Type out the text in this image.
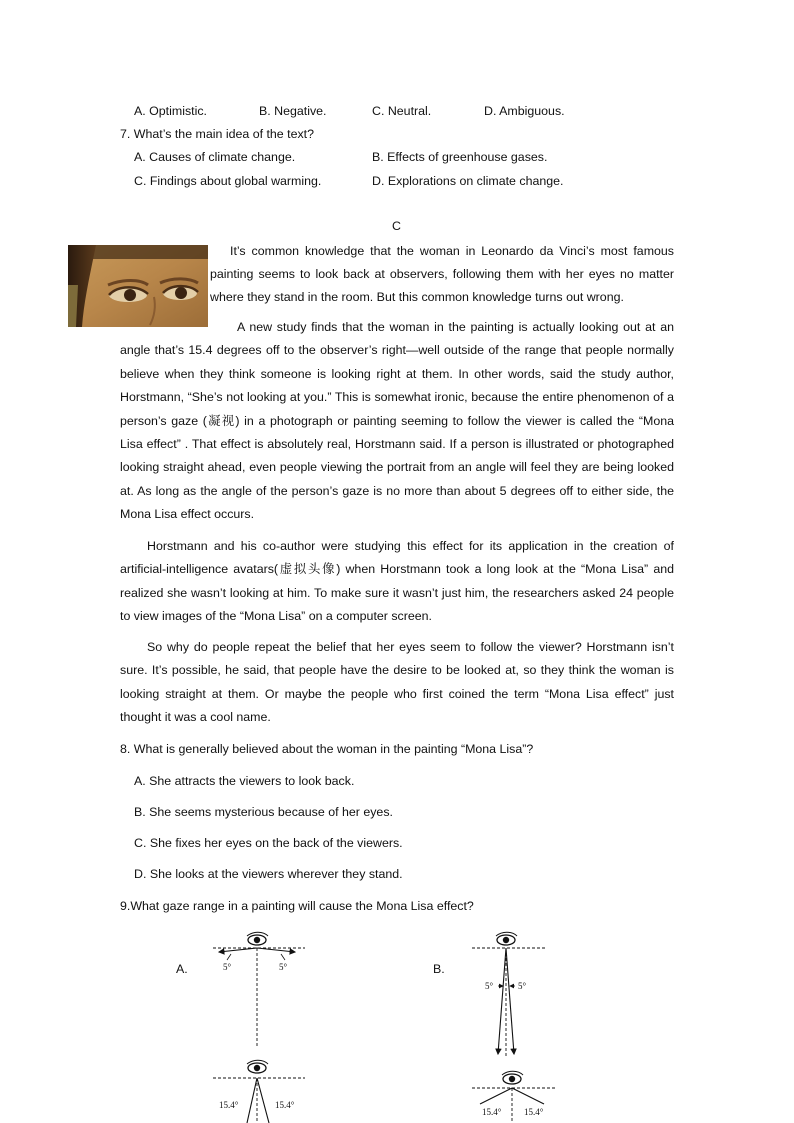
A. Optimistic.	B. Negative.	C. Neutral.	D. Ambiguous.
7. What’s the main idea of the text?
A. Causes of climate change.	B. Effects of greenhouse gases.
C. Findings about global warming.	D. Explorations on climate change.
C
It’s common knowledge that the woman in Leonardo da Vinci’s most famous
painting seems to look back at observers, following them with her eyes no matter
where they stand in the room. But this common knowledge turns out wrong.
A new study finds that the woman in the painting is actually looking out at an angle that’s 15.4 degrees off to the observer’s right—well outside of the range that people normally believe when they think someone is looking right at them. In other words, said the study author, Horstmann, “She’s not looking at you.” This is somewhat ironic, because the entire phenomenon of a person’s gaze (凝视) in a photograph or painting seeming to follow the viewer is called the “Mona Lisa effect” . That effect is absolutely real, Horstmann said. If a person is illustrated or photographed looking straight ahead, even people viewing the portrait from an angle will feel they are being looked at. As long as the angle of the person’s gaze is no more than about 5 degrees off to either side, the Mona Lisa effect occurs.
Horstmann and his co-author were studying this effect for its application in the creation of artificial-intelligence avatars(虚拟头像) when Horstmann took a long look at the “Mona Lisa” and realized she wasn’t looking at him. To make sure it wasn’t just him, the researchers asked 24 people to view images of the “Mona Lisa” on a computer screen.
So why do people repeat the belief that her eyes seem to follow the viewer? Horstmann isn’t sure. It’s possible, he said, that people have the desire to be looked at, so they think the woman is looking straight at them. Or maybe the people who first coined the term “Mona Lisa effect” just thought it was a cool name.
8. What is generally believed about the woman in the painting “Mona Lisa”?
A. She attracts the viewers to look back.
B. She seems mysterious because of her eyes.
C. She fixes her eyes on the back of the viewers.
D. She looks at the viewers wherever they stand.
9.What gaze range in a painting will cause the Mona Lisa effect?
A.	B.
5°	5°
15.4°	15.4°
5°	5°
15.4°	15.4°
